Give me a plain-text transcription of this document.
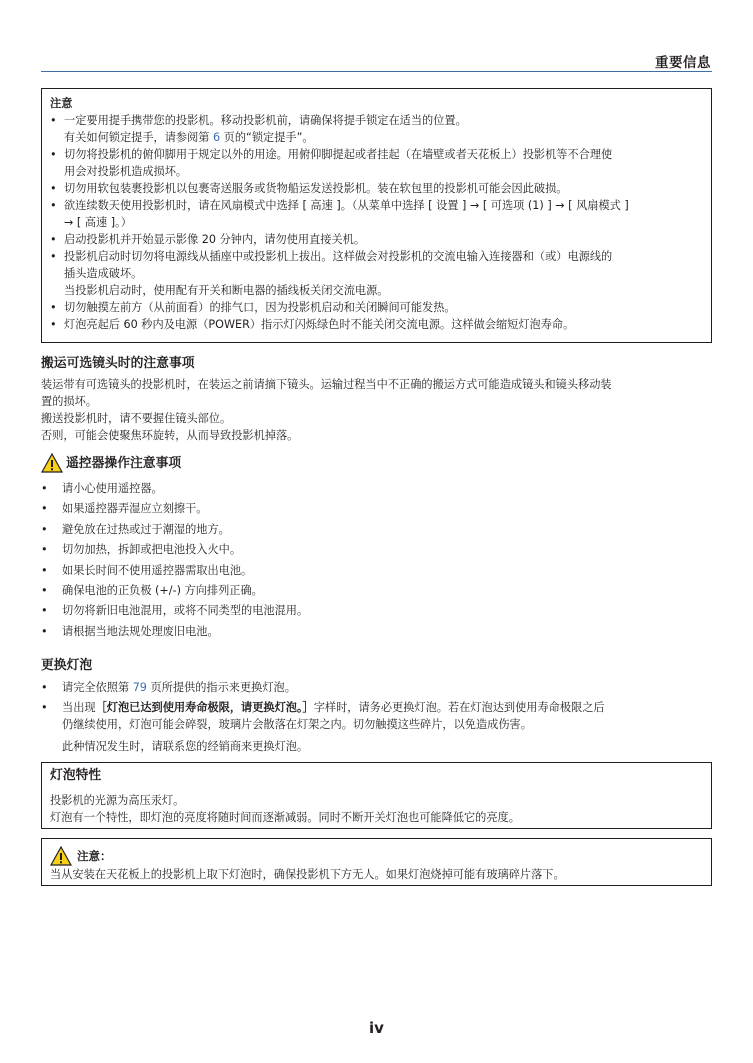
重要信息
注意
• 一定要用提手携带您的投影机。移动投影机前，请确保将提手锁定在适当的位置。
有关如何锁定提手，请参阅第 6 页的“锁定提手”。
• 切勿将投影机的俯仰脚用于规定以外的用途。用俯仰脚提起或者挂起（在墙壁或者天花板上）投影机等不合理使
用会对投影机造成损坏。
• 切勿用软包装裹投影机以包裹寄送服务或货物船运发送投影机。装在软包里的投影机可能会因此破损。
• 欲连续数天使用投影机时，请在风扇模式中选择 [ 高速 ]。（从菜单中选择 [ 设置 ] → [ 可选项 (1) ] → [ 风扇模式 ]
→ [ 高速 ]。）
• 启动投影机并开始显示影像 20 分钟内，请勿使用直接关机。
• 投影机启动时切勿将电源线从插座中或投影机上拔出。这样做会对投影机的交流电输入连接器和（或）电源线的
插头造成破坏。
当投影机启动时，使用配有开关和断电器的插线板关闭交流电源。
• 切勿触摸左前方（从前面看）的排气口，因为投影机启动和关闭瞬间可能发热。
• 灯泡亮起后 60 秒内及电源（POWER）指示灯闪烁绿色时不能关闭交流电源。这样做会缩短灯泡寿命。
搬运可选镜头时的注意事项
装运带有可选镜头的投影机时，在装运之前请摘下镜头。运输过程当中不正确的搬运方式可能造成镜头和镜头移动装
置的损坏。
搬送投影机时，请不要握住镜头部位。
否则，可能会使聚焦环旋转，从而导致投影机掉落。
遥控器操作注意事项
• 请小心使用遥控器。
• 如果遥控器弄湿应立刻擦干。
• 避免放在过热或过于潮湿的地方。
• 切勿加热，拆卸或把电池投入火中。
• 如果长时间不使用遥控器需取出电池。
• 确保电池的正负极 (+/-) 方向排列正确。
• 切勿将新旧电池混用，或将不同类型的电池混用。
• 请根据当地法规处理废旧电池。
更换灯泡
• 请完全依照第 79 页所提供的指示来更换灯泡。
• 当出现［灯泡已达到使用寿命极限，请更换灯泡。］字样时，请务必更换灯泡。若在灯泡达到使用寿命极限之后
仍继续使用，灯泡可能会碎裂，玻璃片会散落在灯架之内。切勿触摸这些碎片，以免造成伤害。
此种情况发生时，请联系您的经销商来更换灯泡。
灯泡特性
投影机的光源为高压汞灯。
灯泡有一个特性，即灯泡的亮度将随时间而逐渐减弱。同时不断开关灯泡也可能降低它的亮度。
注意：
当从安装在天花板上的投影机上取下灯泡时，确保投影机下方无人。如果灯泡烧掉可能有玻璃碎片落下。
iv
